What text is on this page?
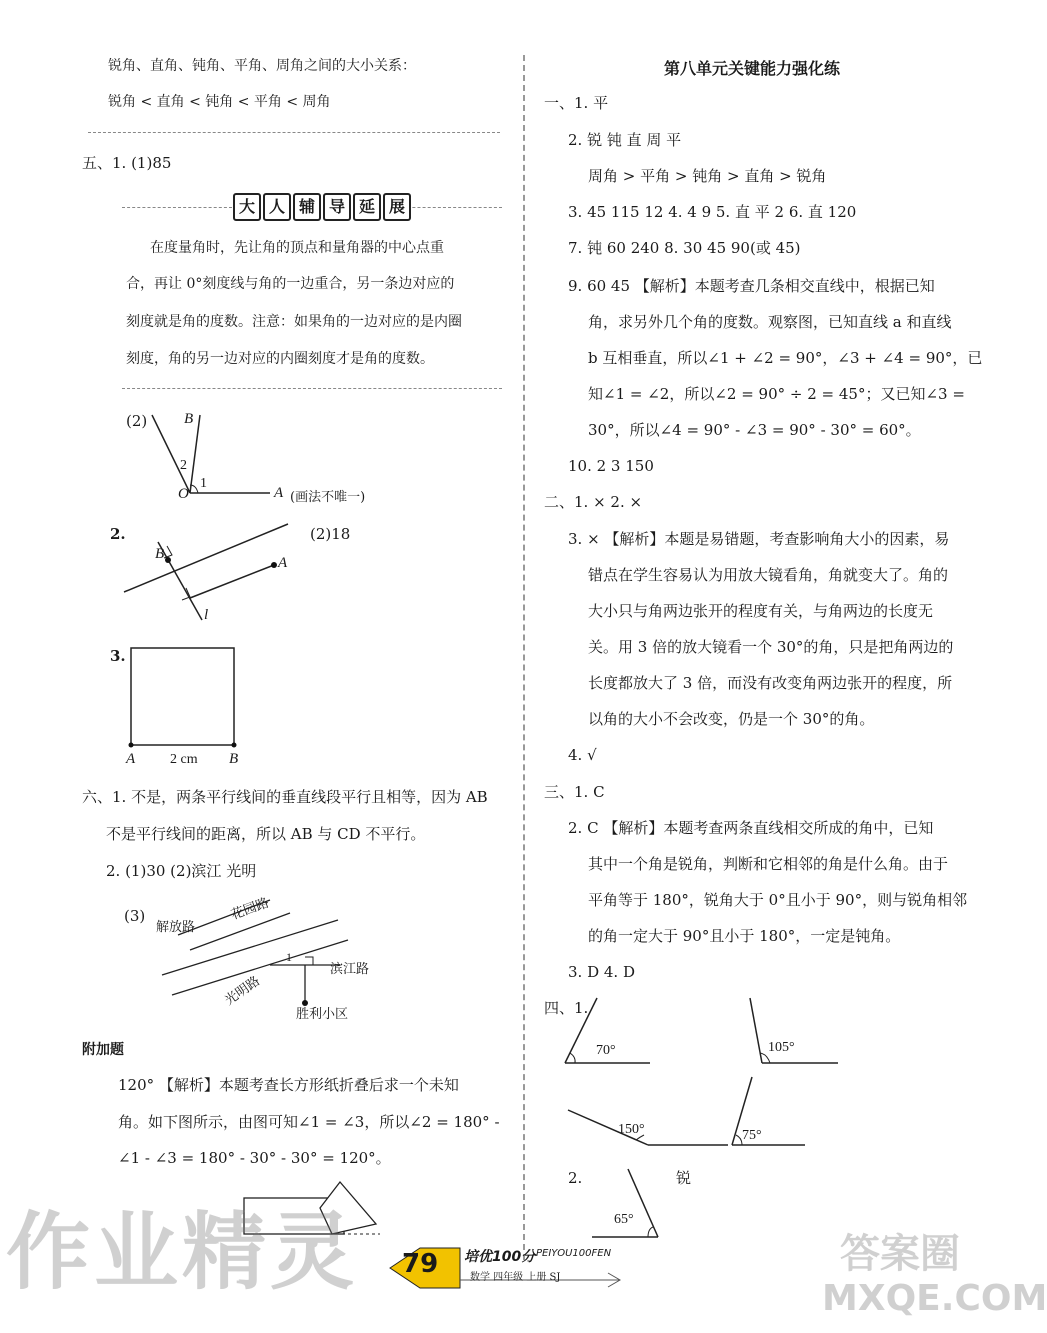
锐角、直角、钝角、平角、周角之间的大小关系：
锐角 < 直角 < 钝角 < 平角 < 周角
五、1. (1)85
大 人 辅 导 延 展
在度量角时，先让角的顶点和量角器的中心点重
合，再让 0°刻度线与角的一边重合，另一条边对应的
刻度就是角的度数。注意：如果角的一边对应的是内圈
刻度，角的另一边对应的内圈刻度才是角的度数。
(2) B
2
1
O	A (画法不唯一)
2.	(2)18
B
A
l
3.
A 2 cm B
六、1. 不是，两条平行线间的垂直线段平行且相等，因为 AB
不是平行线间的距离，所以 AB 与 CD 不平行。
2. (1)30 (2)滨江 光明
(3)
解放路
花园路
滨江路
光明路
1
胜利小区
附加题
120° 【解析】本题考查长方形纸折叠后求一个未知
角。如下图所示，由图可知∠1 = ∠3，所以∠2 = 180° -
∠1 - ∠3 = 180° - 30° - 30° = 120°。
第八单元关键能力强化练
一、1. 平
2. 锐 钝 直 周 平
周角 > 平角 > 钝角 > 直角 > 锐角
3. 45 115 12 4. 4 9 5. 直 平 2 6. 直 120
7. 钝 60 240 8. 30 45 90(或 45)
9. 60 45 【解析】本题考查几条相交直线中，根据已知
角，求另外几个角的度数。观察图，已知直线 a 和直线
b 互相垂直，所以∠1 + ∠2 = 90°，∠3 + ∠4 = 90°，已
知∠1 = ∠2，所以∠2 = 90° ÷ 2 = 45°；又已知∠3 =
30°，所以∠4 = 90° - ∠3 = 90° - 30° = 60°。
10. 2 3 150
二、1. × 2. ×
3. × 【解析】本题是易错题，考查影响角大小的因素，易
错点在学生容易认为用放大镜看角，角就变大了。角的
大小只与角两边张开的程度有关，与角两边的长度无
关。用 3 倍的放大镜看一个 30°的角，只是把角两边的
长度都放大了 3 倍，而没有改变角两边张开的程度，所
以角的大小不会改变，仍是一个 30°的角。
4. √
三、1. C
2. C 【解析】本题考查两条直线相交所成的角中，已知
其中一个角是锐角，判断和它相邻的角是什么角。由于
平角等于 180°，锐角大于 0°且小于 90°，则与锐角相邻
的角一定大于 90°且小于 180°，一定是钝角。
3. D 4. D
四、1.
70°	105°
150°	75°
2.	锐
65°
79 培优100分 PEIYOU100FEN
数学 四年级 上册 SJ
作业精灵	答案圈
MXQE.COM
